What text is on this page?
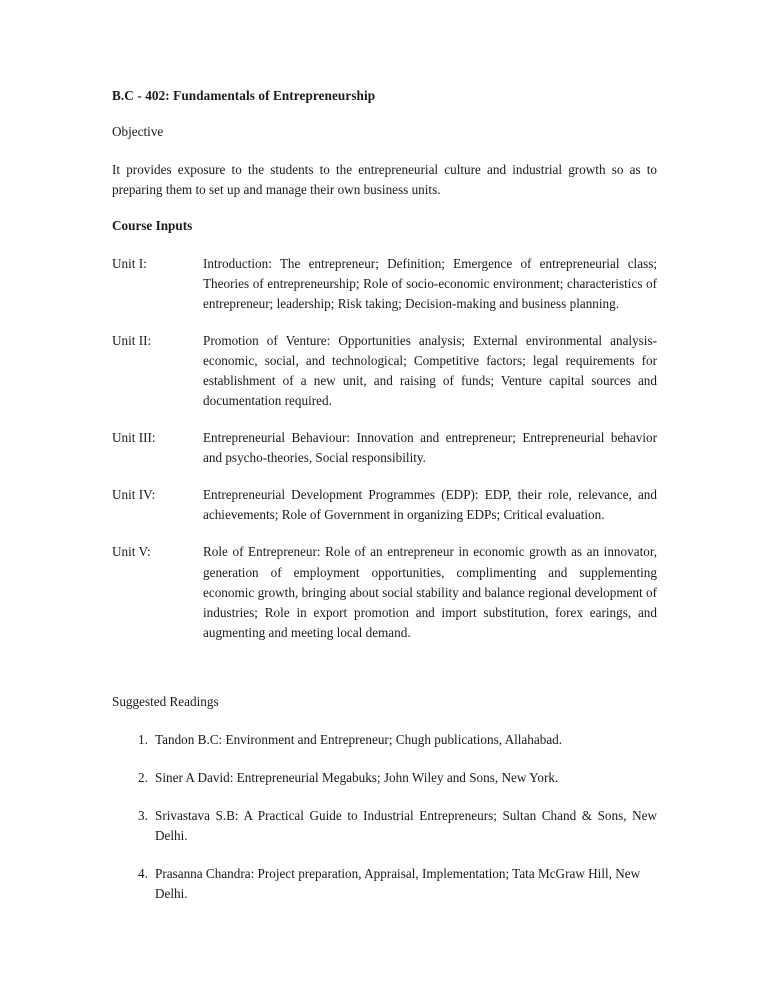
B.C - 402: Fundamentals of Entrepreneurship

Objective

It provides exposure to the students to the entrepreneurial culture and industrial growth so as to preparing them to set up and manage their own business units.

Course Inputs

Unit I:	Introduction: The entrepreneur; Definition; Emergence of entrepreneurial class; Theories of entrepreneurship; Role of socio-economic environment; characteristics of entrepreneur; leadership; Risk taking; Decision-making and business planning.
Unit II:	Promotion of Venture: Opportunities analysis; External environmental analysis- economic, social, and technological; Competitive factors; legal requirements for establishment of a new unit, and raising of funds; Venture capital sources and documentation required.
Unit III:	Entrepreneurial Behaviour: Innovation and entrepreneur; Entrepreneurial behavior and psycho-theories, Social responsibility.
Unit IV:	Entrepreneurial Development Programmes (EDP): EDP, their role, relevance, and achievements; Role of Government in organizing EDPs; Critical evaluation.
Unit V:	Role of Entrepreneur: Role of an entrepreneur in economic growth as an innovator, generation of employment opportunities, complimenting and supplementing economic growth, bringing about social stability and balance regional development of industries; Role in export promotion and import substitution, forex earings, and augmenting and meeting local demand.

Suggested Readings

1. Tandon B.C: Environment and Entrepreneur; Chugh publications, Allahabad.
2. Siner A David: Entrepreneurial Megabuks; John Wiley and Sons, New York.
3. Srivastava S.B: A Practical Guide to Industrial Entrepreneurs; Sultan Chand & Sons, New Delhi.
4. Prasanna Chandra: Project preparation, Appraisal, Implementation; Tata McGraw Hill, New Delhi.
